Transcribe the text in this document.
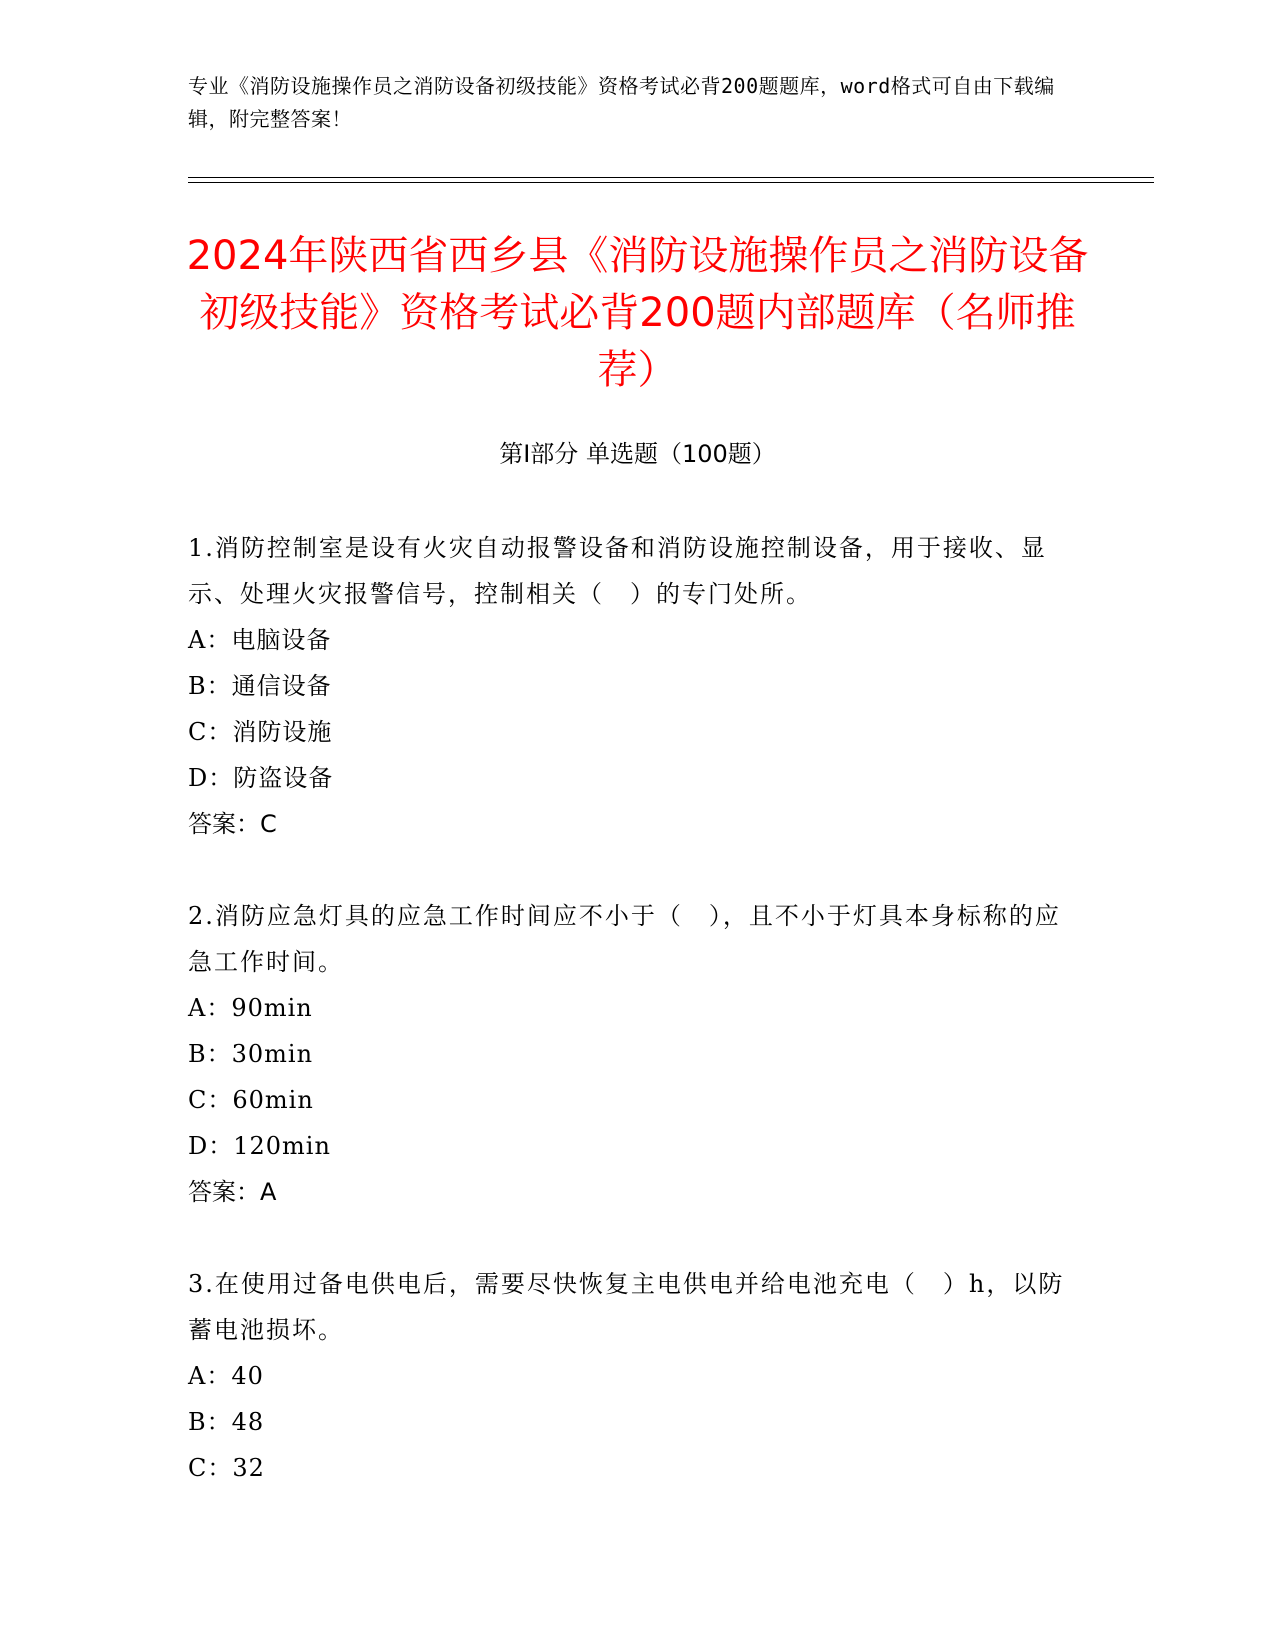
专业《消防设施操作员之消防设备初级技能》资格考试必背200题题库，word格式可自由下载编辑，附完整答案！
2024年陕西省西乡县《消防设施操作员之消防设备初级技能》资格考试必背200题内部题库（名师推荐）
第Ⅰ部分 单选题（100题）

1.消防控制室是设有火灾自动报警设备和消防设施控制设备，用于接收、显示、处理火灾报警信号，控制相关（　）的专门处所。

A：电脑设备

B：通信设备

C：消防设施

D：防盗设备

答案：C

2.消防应急灯具的应急工作时间应不小于（　），且不小于灯具本身标称的应急工作时间。

A：90min

B：30min

C：60min

D：120min

答案：A

3.在使用过备电供电后，需要尽快恢复主电供电并给电池充电（　）h，以防蓄电池损坏。

A：40

B：48

C：32
